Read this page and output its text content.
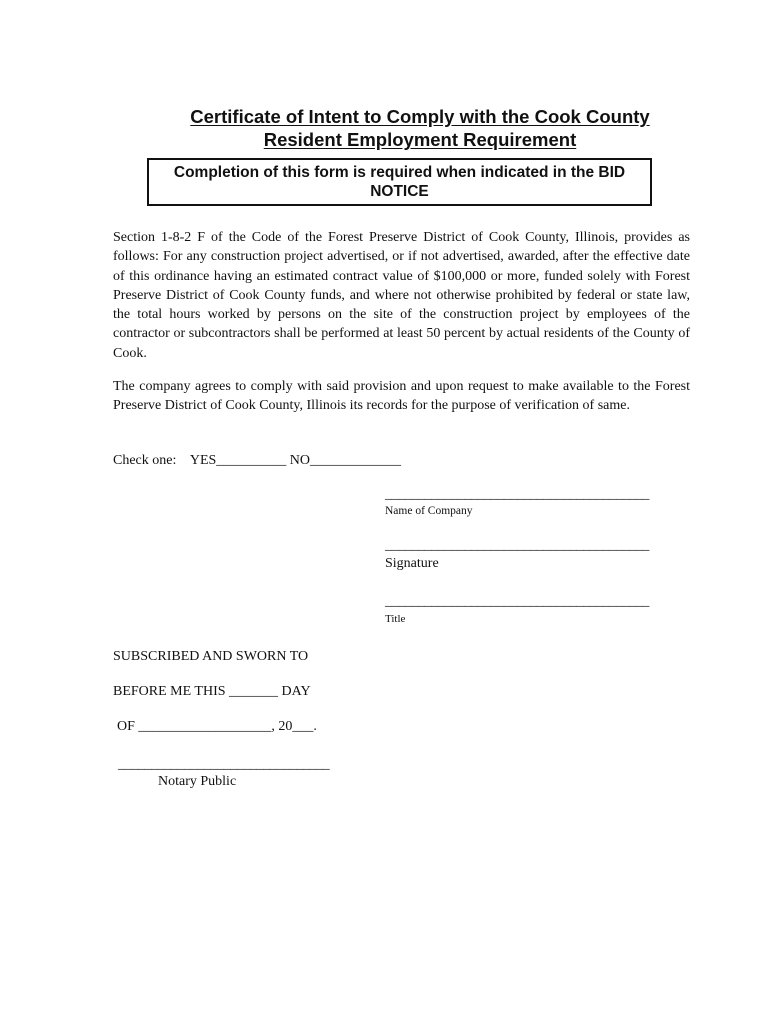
Certificate of Intent to Comply with the Cook County
Resident Employment Requirement
Completion of this form is required when indicated in the BID NOTICE

Section 1-8-2 F of the Code of the Forest Preserve District of Cook County, Illinois, provides as follows: For any construction project advertised, or if not advertised, awarded, after the effective date of this ordinance having an estimated contract value of $100,000 or more, funded solely with Forest Preserve District of Cook County funds, and where not otherwise prohibited by federal or state law, the total hours worked by persons on the site of the construction project by employees of the contractor or subcontractors shall be performed at least 50 percent by actual residents of the County of Cook.

The company agrees to comply with said provision and upon request to make available to the Forest Preserve District of Cook County, Illinois its records for the purpose of verification of same.

Check one:    YES__________ NO_____________
________________________________________
Name of Company
________________________________________
Signature
________________________________________
Title
SUBSCRIBED AND SWORN TO
BEFORE ME THIS _______ DAY
OF ___________________, 20___.
________________________________
Notary Public
